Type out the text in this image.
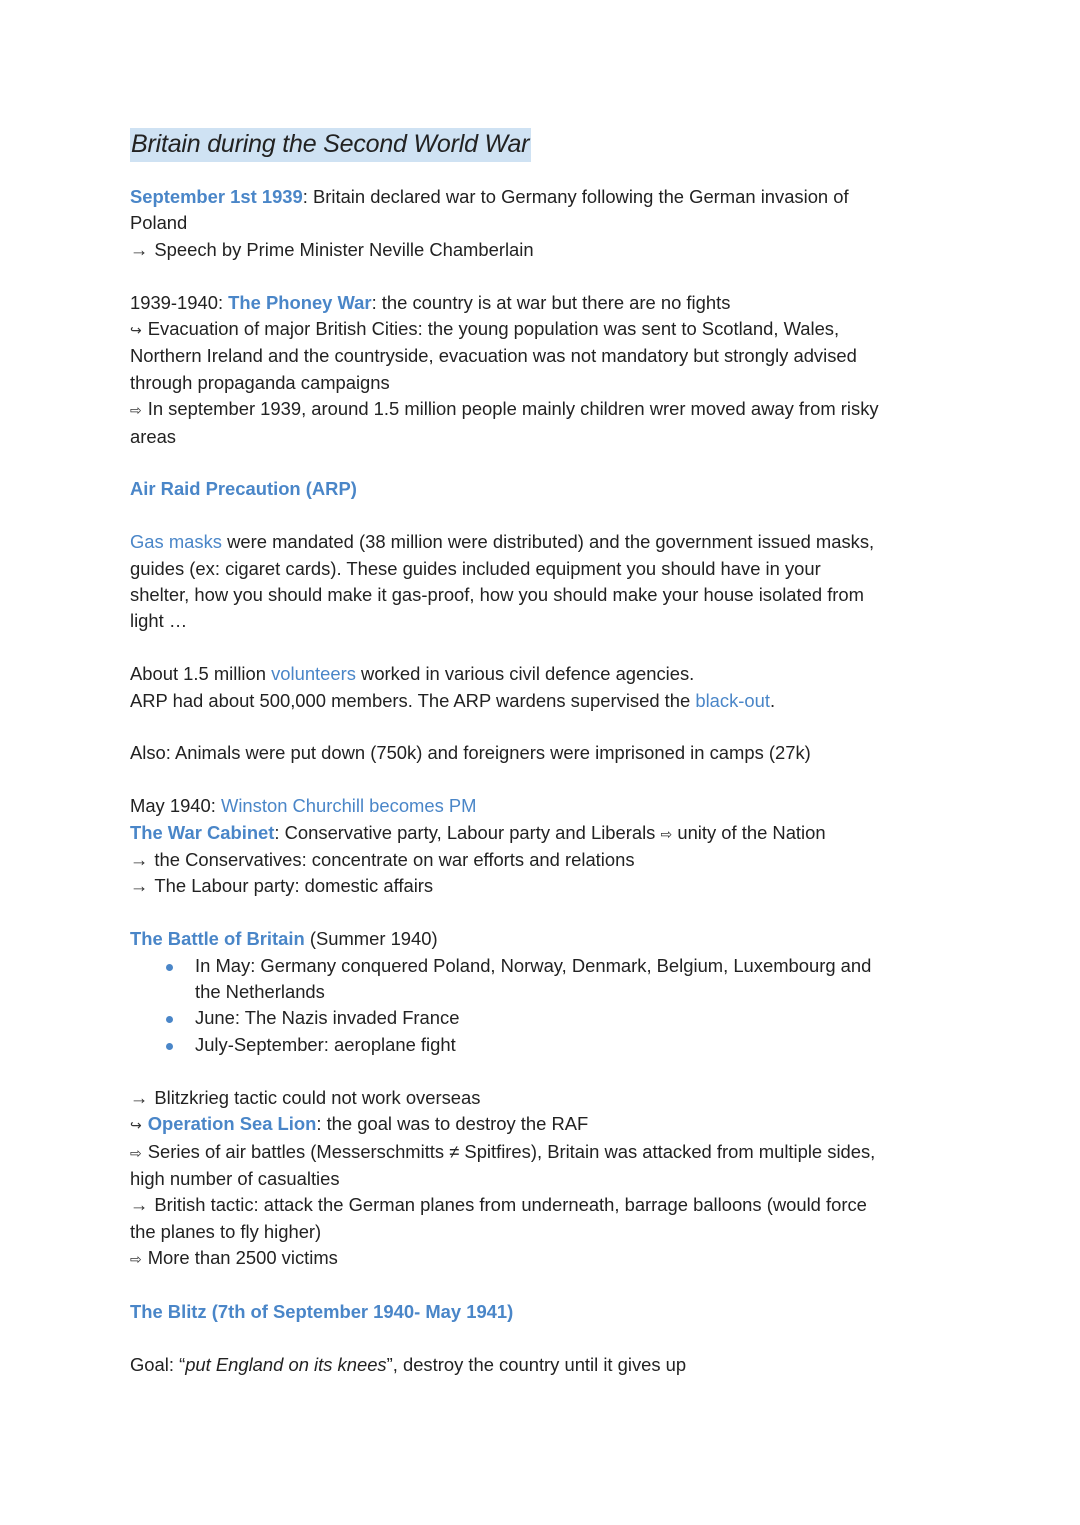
Britain during the Second World War

September 1st 1939: Britain declared war to Germany following the German invasion of

Poland

→ Speech by Prime Minister Neville Chamberlain

1939-1940: The Phoney War: the country is at war but there are no fights

↪ Evacuation of major British Cities: the young population was sent to Scotland, Wales,

Northern Ireland and the countryside, evacuation was not mandatory but strongly advised

through propaganda campaigns

⇨ In september 1939, around 1.5 million people mainly children wrer moved away from risky

areas

Air Raid Precaution (ARP)

Gas masks were mandated (38 million were distributed) and the government issued masks,

guides (ex: cigaret cards). These guides included equipment you should have in your

shelter, how you should make it gas-proof, how you should make your house isolated from

light …

About 1.5 million volunteers worked in various civil defence agencies.

ARP had about 500,000 members. The ARP wardens supervised the black-out.

Also: Animals were put down (750k) and foreigners were imprisoned in camps (27k)

May 1940: Winston Churchill becomes PM

The War Cabinet: Conservative party, Labour party and Liberals ⇨ unity of the Nation

→ the Conservatives: concentrate on war efforts and relations

→ The Labour party: domestic affairs

The Battle of Britain (Summer 1940)

In May: Germany conquered Poland, Norway, Denmark, Belgium, Luxembourg and
the Netherlands
June: The Nazis invaded France
July-September: aeroplane fight

→ Blitzkrieg tactic could not work overseas

↪ Operation Sea Lion: the goal was to destroy the RAF

⇨ Series of air battles (Messerschmitts ≠ Spitfires), Britain was attacked from multiple sides,

high number of casualties

→ British tactic: attack the German planes from underneath, barrage balloons (would force

the planes to fly higher)

⇨ More than 2500 victims

The Blitz (7th of September 1940- May 1941)

Goal: “put England on its knees”, destroy the country until it gives up
